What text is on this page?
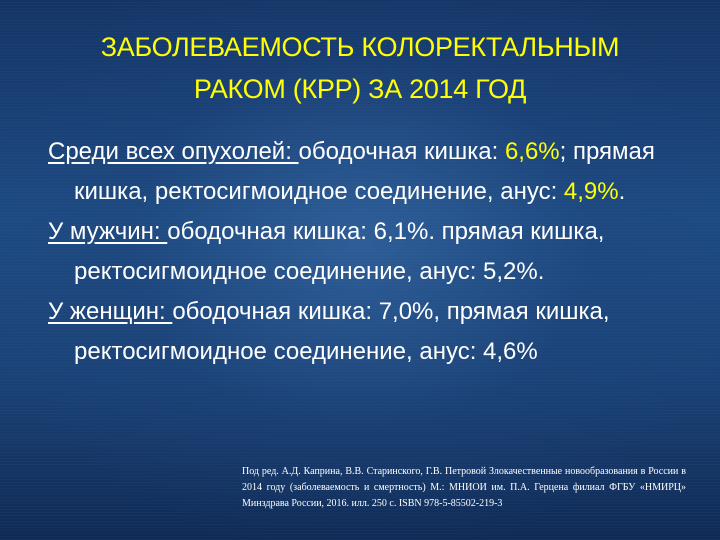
ЗАБОЛЕВАЕМОСТЬ КОЛОРЕКТАЛЬНЫМ
РАКОМ (КРР) ЗА 2014 ГОД
Среди всех опухолей: ободочная кишка: 6,6%; прямая кишка, ректосигмоидное соединение, анус: 4,9%.
У мужчин: ободочная кишка: 6,1%. прямая кишка, ректосигмоидное соединение, анус: 5,2%.
У женщин: ободочная кишка: 7,0%, прямая кишка, ректосигмоидное соединение, анус: 4,6%
Под ред. А.Д. Каприна, В.В. Старинского, Г.В. Петровой Злокачественные новообразования в России в 2014 году (заболеваемость и смертность) М.: МНИОИ им. П.А. Герцена филиал ФГБУ «НМИРЦ» Минздрава России, 2016. илл. 250 с. ISBN 978-5-85502-219-3
